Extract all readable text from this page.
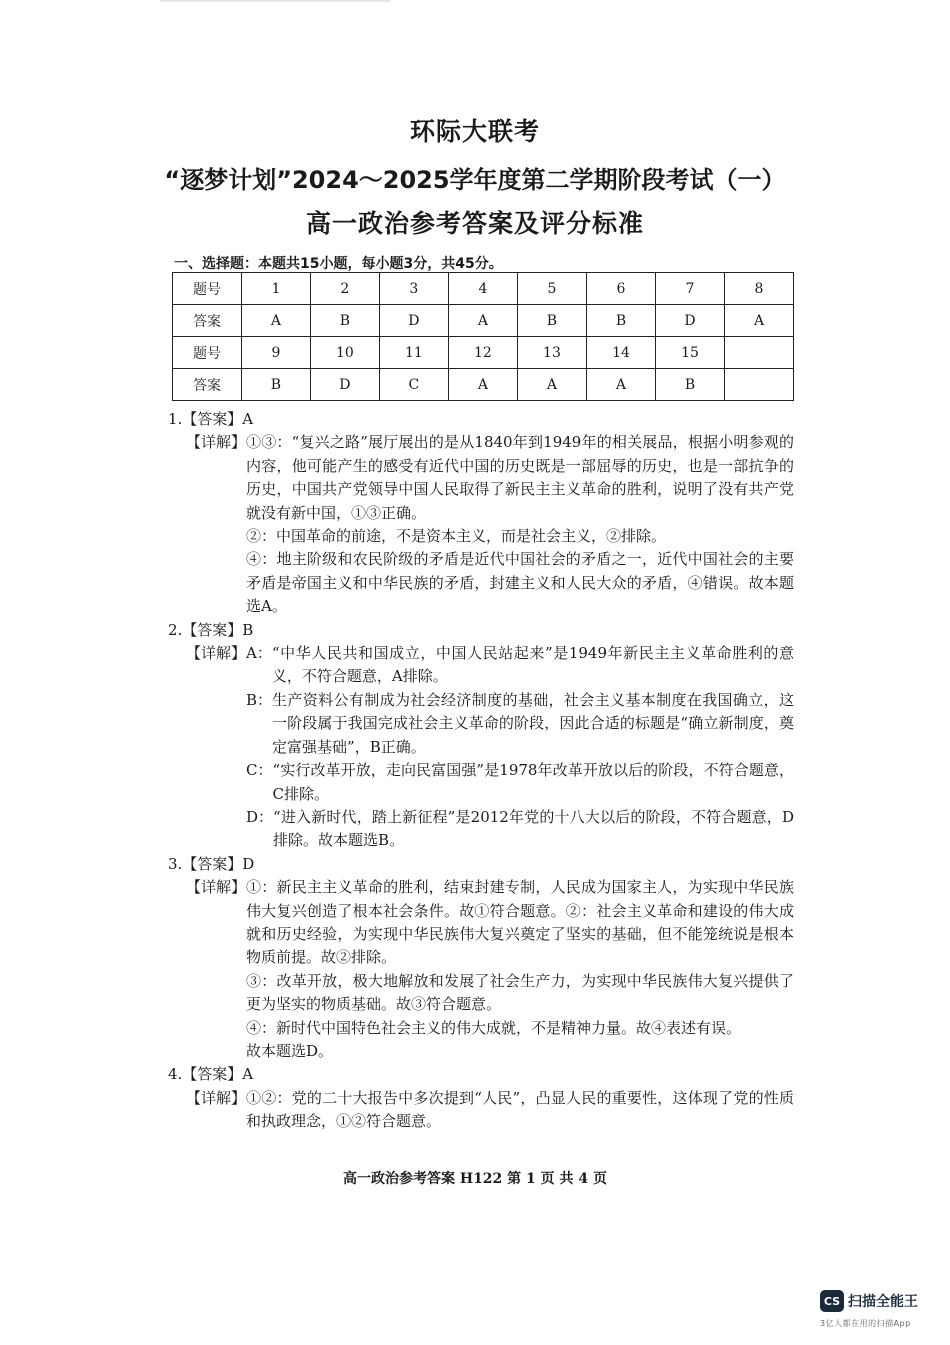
环际大联考
“逐梦计划”2024～2025学年度第二学期阶段考试（一）
高一政治参考答案及评分标准
一、选择题：本题共15小题，每小题3分，共45分。
题号	1	2	3	4	5	6	7	8
答案	A	B	D	A	B	B	D	A
题号	9	10	11	12	13	14	15	
答案	B	D	C	A	A	A	B	
1.【答案】A
【详解】 ①③：“复兴之路”展厅展出的是从1840年到1949年的相关展品，根据小明参观的内容，他可能产生的感受有近代中国的历史既是一部屈辱的历史，也是一部抗争的历史，中国共产党领导中国人民取得了新民主主义革命的胜利，说明了没有共产党就没有新中国，①③正确。

②：中国革命的前途，不是资本主义，而是社会主义，②排除。

④：地主阶级和农民阶级的矛盾是近代中国社会的矛盾之一，近代中国社会的主要矛盾是帝国主义和中华民族的矛盾，封建主义和人民大众的矛盾，④错误。故本题选A。

2.【答案】B
【详解】 A： “中华人民共和国成立，中国人民站起来”是1949年新民主主义革命胜利的意义，不符合题意，A排除。
B： 生产资料公有制成为社会经济制度的基础，社会主义基本制度在我国确立，这一阶段属于我国完成社会主义革命的阶段，因此合适的标题是“确立新制度，奠定富强基础”，B正确。
C： “实行改革开放，走向民富国强”是1978年改革开放以后的阶段，不符合题意，C排除。
D： “进入新时代，踏上新征程”是2012年党的十八大以后的阶段，不符合题意，D排除。故本题选B。
3.【答案】D
【详解】 ①：新民主主义革命的胜利，结束封建专制，人民成为国家主人，为实现中华民族伟大复兴创造了根本社会条件。故①符合题意。②：社会主义革命和建设的伟大成就和历史经验，为实现中华民族伟大复兴奠定了坚实的基础，但不能笼统说是根本物质前提。故②排除。

③：改革开放，极大地解放和发展了社会生产力，为实现中华民族伟大复兴提供了更为坚实的物质基础。故③符合题意。

④：新时代中国特色社会主义的伟大成就，不是精神力量。故④表述有误。

故本题选D。

4.【答案】A
【详解】 ①②：党的二十大报告中多次提到“人民”，凸显人民的重要性，这体现了党的性质和执政理念，①②符合题意。

高一政治参考答案 H122 第 1 页 共 4 页
CS 扫描全能王
3亿人都在用的扫描App
